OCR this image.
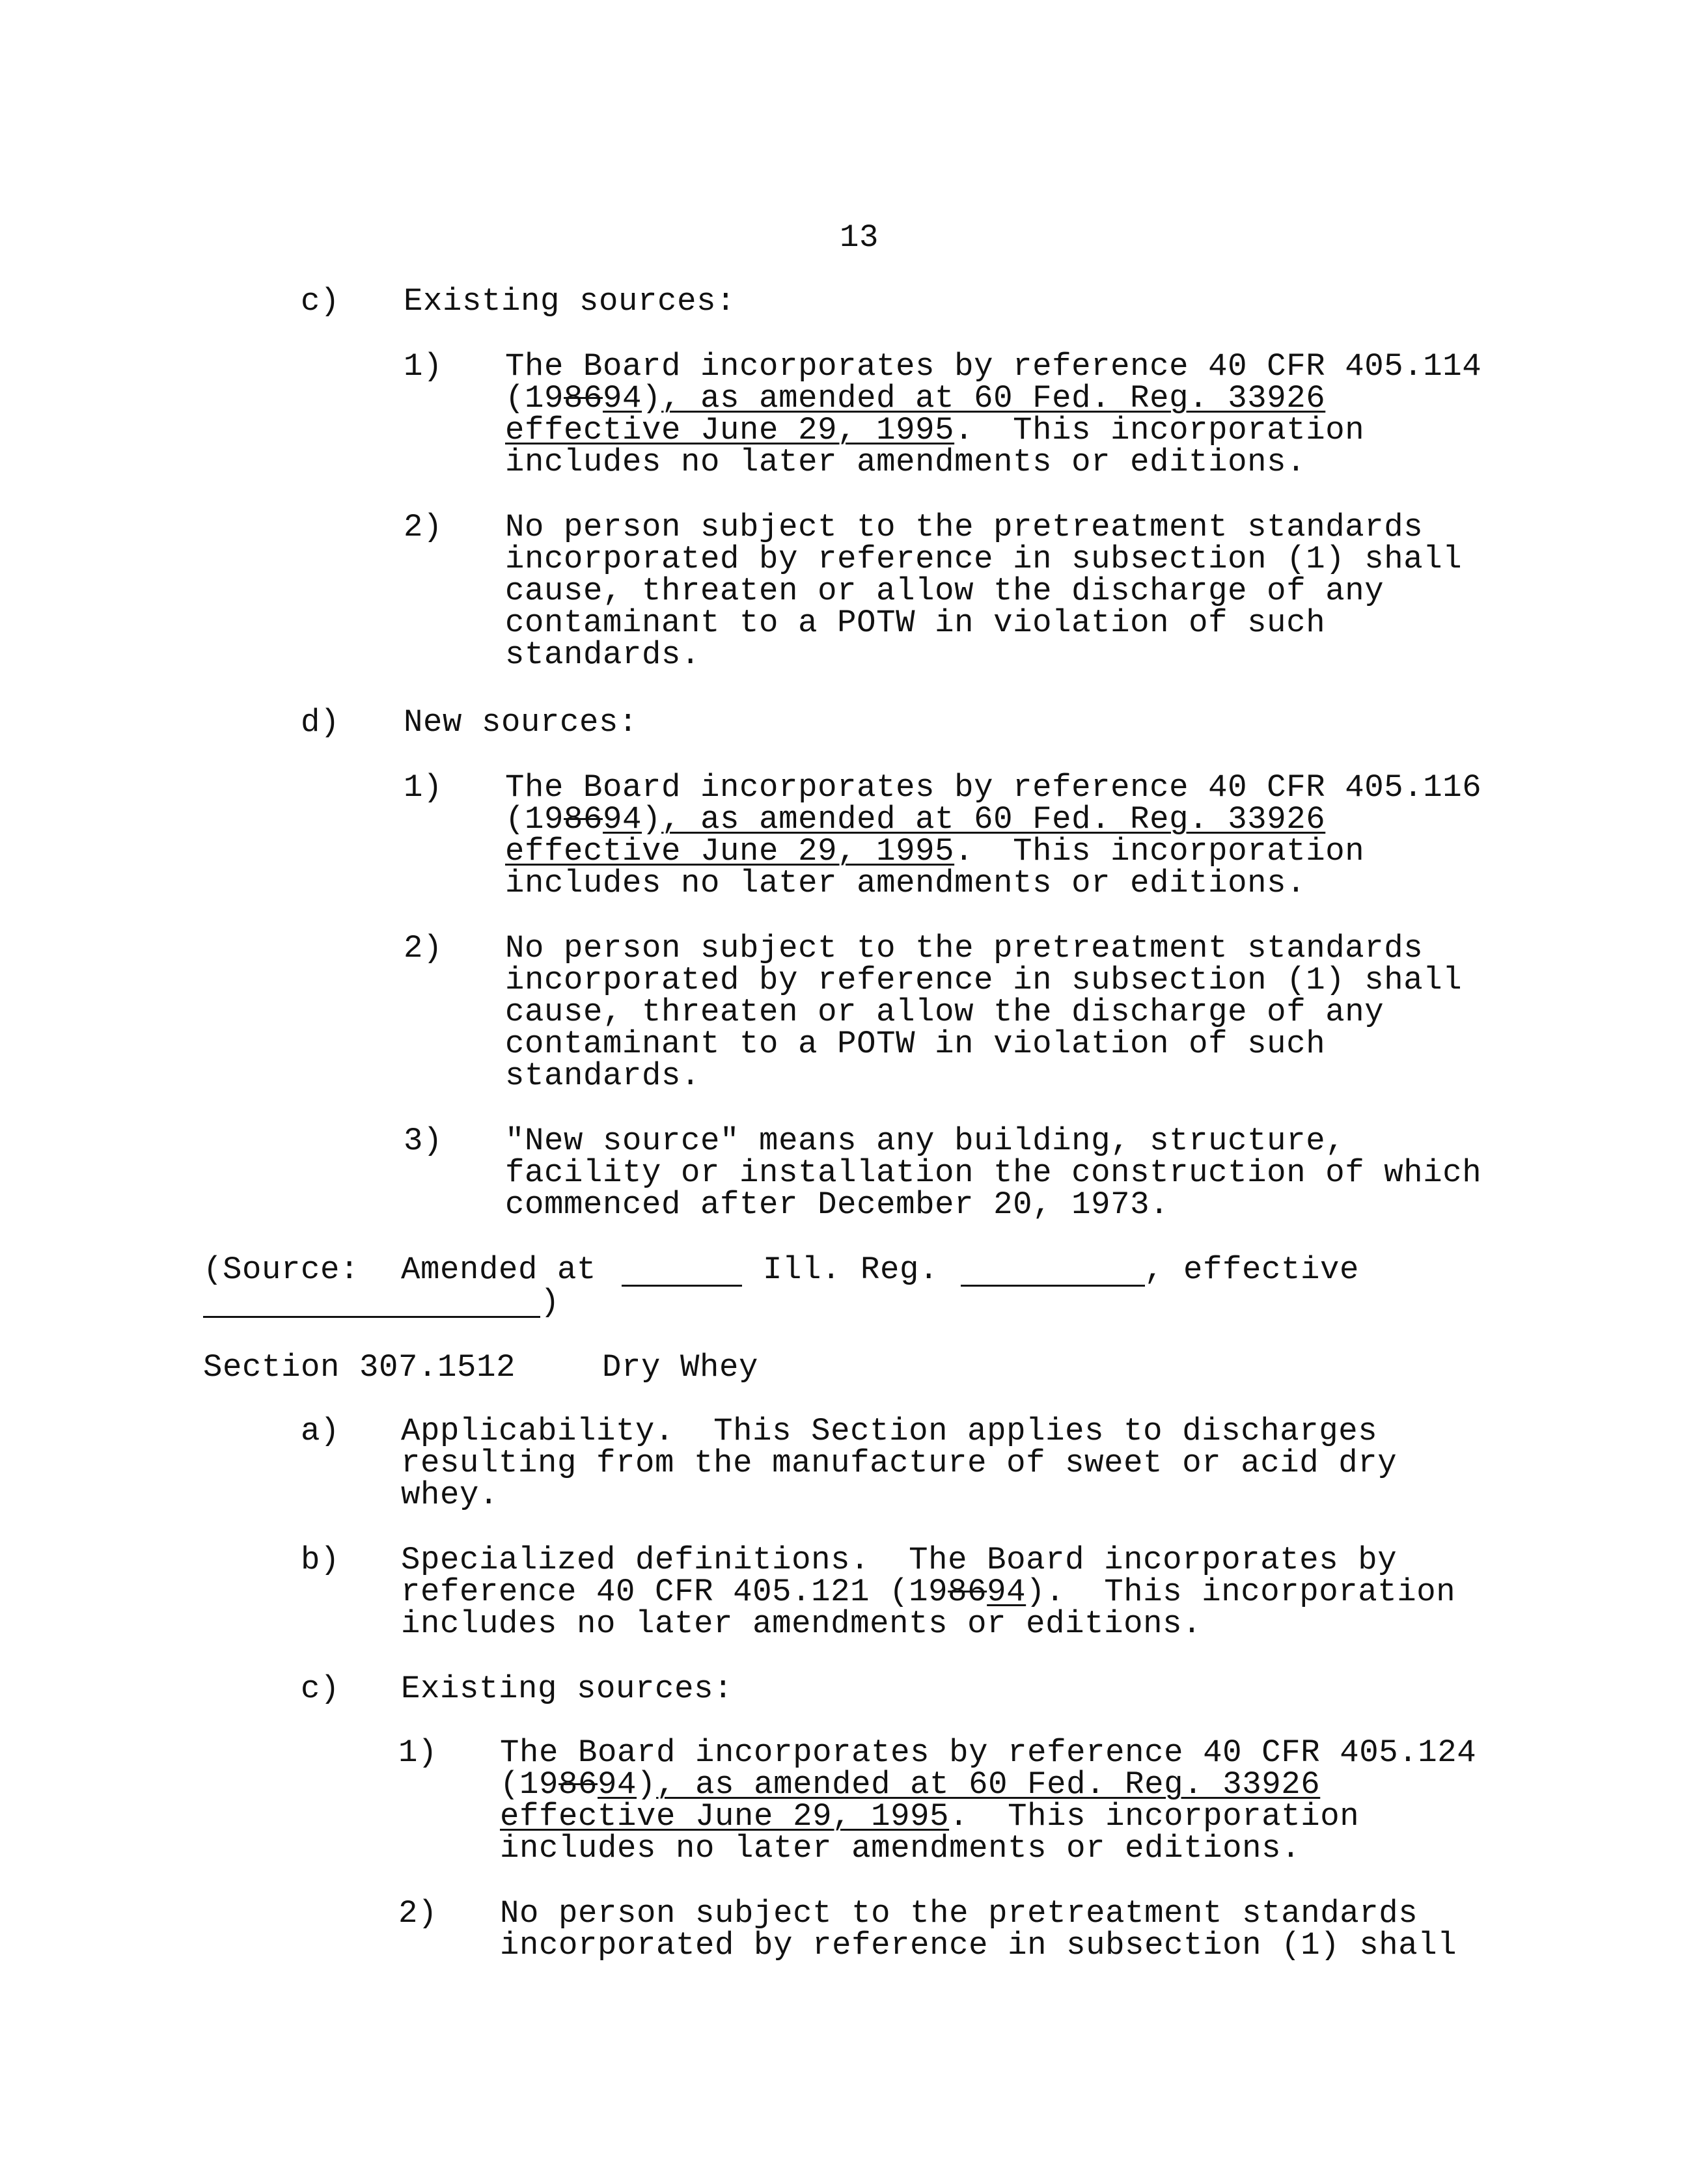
13
c) Existing sources:
1) The Board incorporates by reference 40 CFR 405.114
(198694), as amended at 60 Fed. Reg. 33926
effective June 29, 1995.  This incorporation
includes no later amendments or editions.
2) No person subject to the pretreatment standards
incorporated by reference in subsection (1) shall
cause, threaten or allow the discharge of any
contaminant to a POTW in violation of such
standards.
d) New sources:
1) The Board incorporates by reference 40 CFR 405.116
(198694), as amended at 60 Fed. Reg. 33926
effective June 29, 1995.  This incorporation
includes no later amendments or editions.
2) No person subject to the pretreatment standards
incorporated by reference in subsection (1) shall
cause, threaten or allow the discharge of any
contaminant to a POTW in violation of such
standards.
3) "New source" means any building, structure,
facility or installation the construction of which
commenced after December 20, 1973.
(Source: Amended at	Ill. Reg.	, effective
)
Section 307.1512	Dry Whey
a) Applicability.  This Section applies to discharges
resulting from the manufacture of sweet or acid dry
whey.
b) Specialized definitions.  The Board incorporates by
reference 40 CFR 405.121 (198694).  This incorporation
includes no later amendments or editions.
c) Existing sources:
1) The Board incorporates by reference 40 CFR 405.124
(198694), as amended at 60 Fed. Reg. 33926
effective June 29, 1995.  This incorporation
includes no later amendments or editions.
2) No person subject to the pretreatment standards
incorporated by reference in subsection (1) shall
